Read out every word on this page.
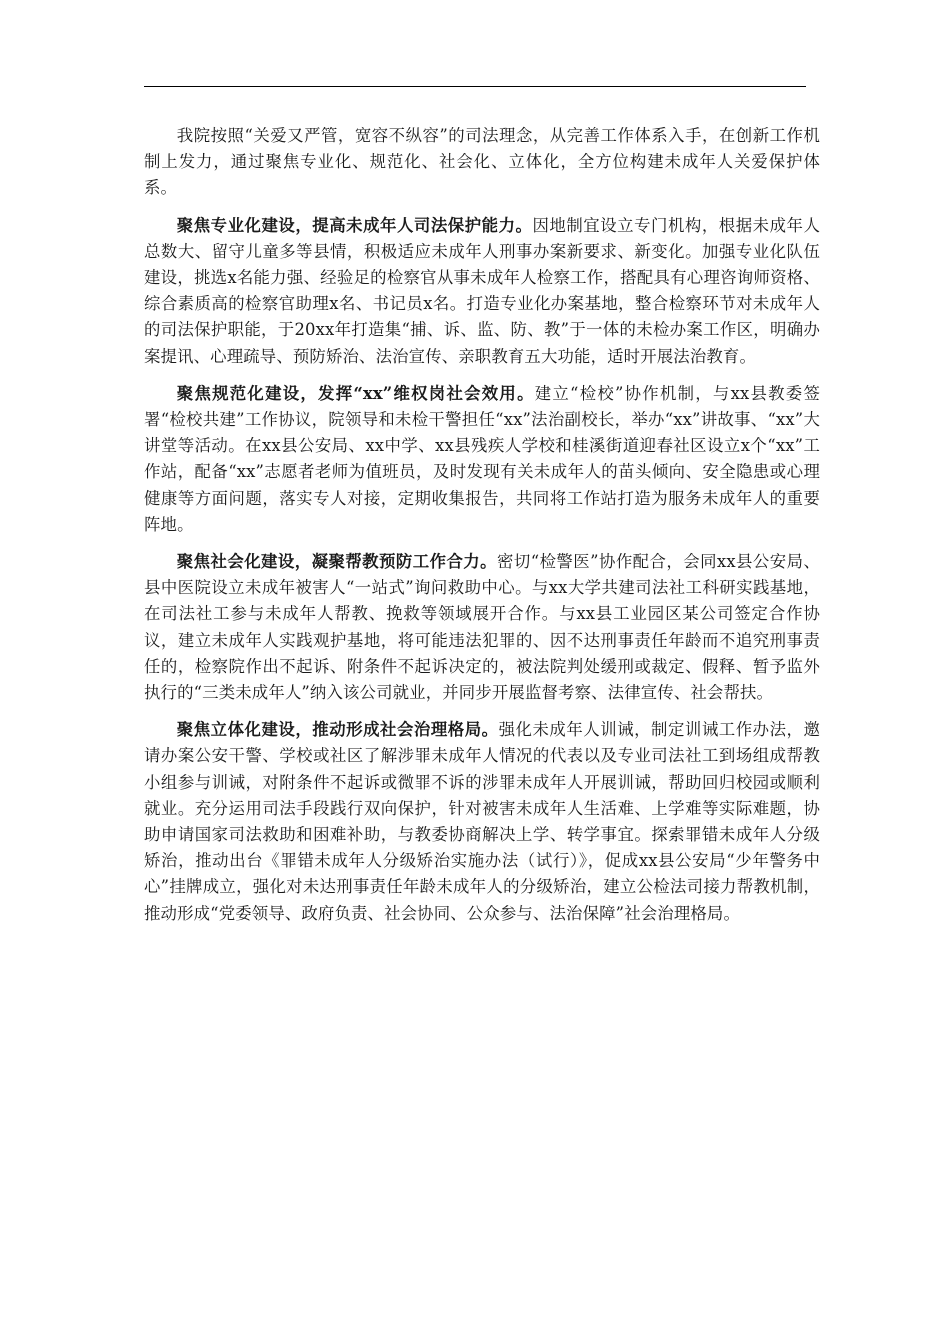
我院按照“关爱又严管，宽容不纵容”的司法理念，从完善工作体系入手，在创新工作机制上发力，通过聚焦专业化、规范化、社会化、立体化，全方位构建未成年人关爱保护体系。

聚焦专业化建设，提高未成年人司法保护能力。因地制宜设立专门机构，根据未成年人总数大、留守儿童多等县情，积极适应未成年人刑事办案新要求、新变化。加强专业化队伍建设，挑选x名能力强、经验足的检察官从事未成年人检察工作，搭配具有心理咨询师资格、综合素质高的检察官助理x名、书记员x名。打造专业化办案基地，整合检察环节对未成年人的司法保护职能，于20xx年打造集“捕、诉、监、防、教”于一体的未检办案工作区，明确办案提讯、心理疏导、预防矫治、法治宣传、亲职教育五大功能，适时开展法治教育。

聚焦规范化建设，发挥“xx”维权岗社会效用。建立“检校”协作机制，与xx县教委签署“检校共建”工作协议，院领导和未检干警担任“xx”法治副校长，举办“xx”讲故事、“xx”大讲堂等活动。在xx县公安局、xx中学、xx县残疾人学校和桂溪街道迎春社区设立x个“xx”工作站，配备“xx”志愿者老师为值班员，及时发现有关未成年人的苗头倾向、安全隐患或心理健康等方面问题，落实专人对接，定期收集报告，共同将工作站打造为服务未成年人的重要阵地。

聚焦社会化建设，凝聚帮教预防工作合力。密切“检警医”协作配合，会同xx县公安局、县中医院设立未成年被害人“一站式”询问救助中心。与xx大学共建司法社工科研实践基地，在司法社工参与未成年人帮教、挽救等领域展开合作。与xx县工业园区某公司签定合作协议，建立未成年人实践观护基地，将可能违法犯罪的、因不达刑事责任年龄而不追究刑事责任的，检察院作出不起诉、附条件不起诉决定的，被法院判处缓刑或裁定、假释、暂予监外执行的“三类未成年人”纳入该公司就业，并同步开展监督考察、法律宣传、社会帮扶。

聚焦立体化建设，推动形成社会治理格局。强化未成年人训诫，制定训诫工作办法，邀请办案公安干警、学校或社区了解涉罪未成年人情况的代表以及专业司法社工到场组成帮教小组参与训诫，对附条件不起诉或微罪不诉的涉罪未成年人开展训诫，帮助回归校园或顺利就业。充分运用司法手段践行双向保护，针对被害未成年人生活难、上学难等实际难题，协助申请国家司法救助和困难补助，与教委协商解决上学、转学事宜。探索罪错未成年人分级矫治，推动出台《罪错未成年人分级矫治实施办法（试行）》，促成xx县公安局“少年警务中心”挂牌成立，强化对未达刑事责任年龄未成年人的分级矫治，建立公检法司接力帮教机制，推动形成“党委领导、政府负责、社会协同、公众参与、法治保障”社会治理格局。
